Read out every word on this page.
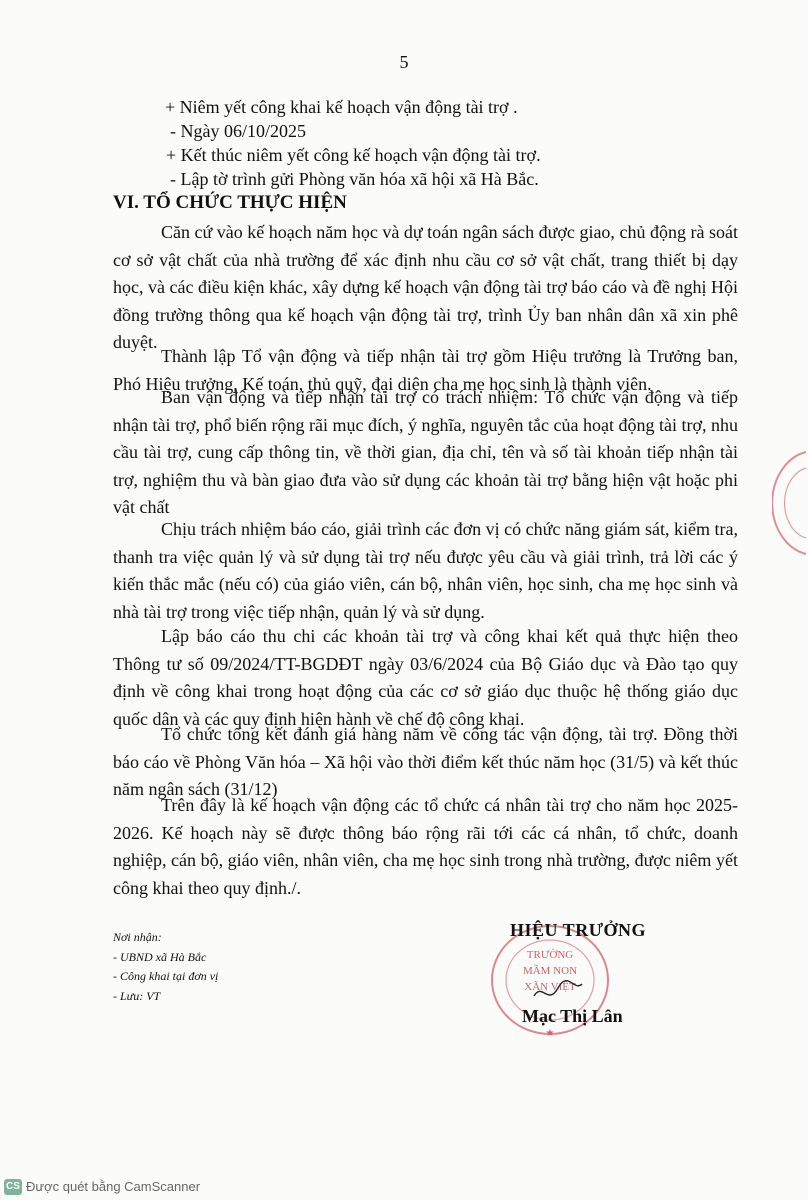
5
+ Niêm yết công khai kế hoạch vận động tài trợ .
- Ngày 06/10/2025
+ Kết thúc niêm yết công kế hoạch vận động tài trợ.
- Lập tờ trình gửi Phòng văn hóa xã hội xã Hà Bắc.
VI. TỔ CHỨC THỰC HIỆN
Căn cứ vào kế hoạch năm học và dự toán ngân sách được giao, chủ động rà soát cơ sở vật chất của nhà trường để xác định nhu cầu cơ sở vật chất, trang thiết bị dạy học, và các điều kiện khác, xây dựng kế hoạch vận động tài trợ báo cáo và đề nghị Hội đồng trường thông qua kế hoạch vận động tài trợ, trình Ủy ban nhân dân xã xin phê duyệt.
Thành lập Tổ vận động và tiếp nhận tài trợ gồm Hiệu trưởng là Trưởng ban, Phó Hiệu trưởng, Kế toán, thủ quỹ, đại diện cha mẹ học sinh là thành viên.
Ban vận động và tiếp nhận tài trợ có trách nhiệm: Tổ chức vận động và tiếp nhận tài trợ, phổ biến rộng rãi mục đích, ý nghĩa, nguyên tắc của hoạt động tài trợ, nhu cầu tài trợ, cung cấp thông tin, về thời gian, địa chỉ, tên và số tài khoản tiếp nhận tài trợ, nghiệm thu và bàn giao đưa vào sử dụng các khoản tài trợ bằng hiện vật hoặc phi vật chất
Chịu trách nhiệm báo cáo, giải trình các đơn vị có chức năng giám sát, kiểm tra, thanh tra việc quản lý và sử dụng tài trợ nếu được yêu cầu và giải trình, trả lời các ý kiến thắc mắc (nếu có) của giáo viên, cán bộ, nhân viên, học sinh, cha mẹ học sinh và nhà tài trợ trong việc tiếp nhận, quản lý và sử dụng.
Lập báo cáo thu chi các khoản tài trợ và công khai kết quả thực hiện theo Thông tư số 09/2024/TT-BGDĐT ngày 03/6/2024 của Bộ Giáo dục và Đào tạo quy định về công khai trong hoạt động của các cơ sở giáo dục thuộc hệ thống giáo dục quốc dân và các quy định hiện hành về chế độ công khai.
Tổ chức tổng kết đánh giá hàng năm về công tác vận động, tài trợ. Đồng thời báo cáo về Phòng Văn hóa – Xã hội vào thời điểm kết thúc năm học (31/5) và kết thúc năm ngân sách (31/12)
Trên đây là kế hoạch vận động các tổ chức cá nhân tài trợ cho năm học 2025-2026. Kế hoạch này sẽ được thông báo rộng rãi tới các cá nhân, tổ chức, doanh nghiệp, cán bộ, giáo viên, nhân viên, cha mẹ học sinh trong nhà trường, được niêm yết công khai theo quy định./.
Nơi nhận:
- UBND xã Hà Bắc
- Công khai tại đơn vị
- Lưu: VT
TRƯỜNG
MẦM NON
XÃN VIỆT
★
HIỆU TRƯỞNG
Mạc Thị Lân
CS Được quét bằng CamScanner
